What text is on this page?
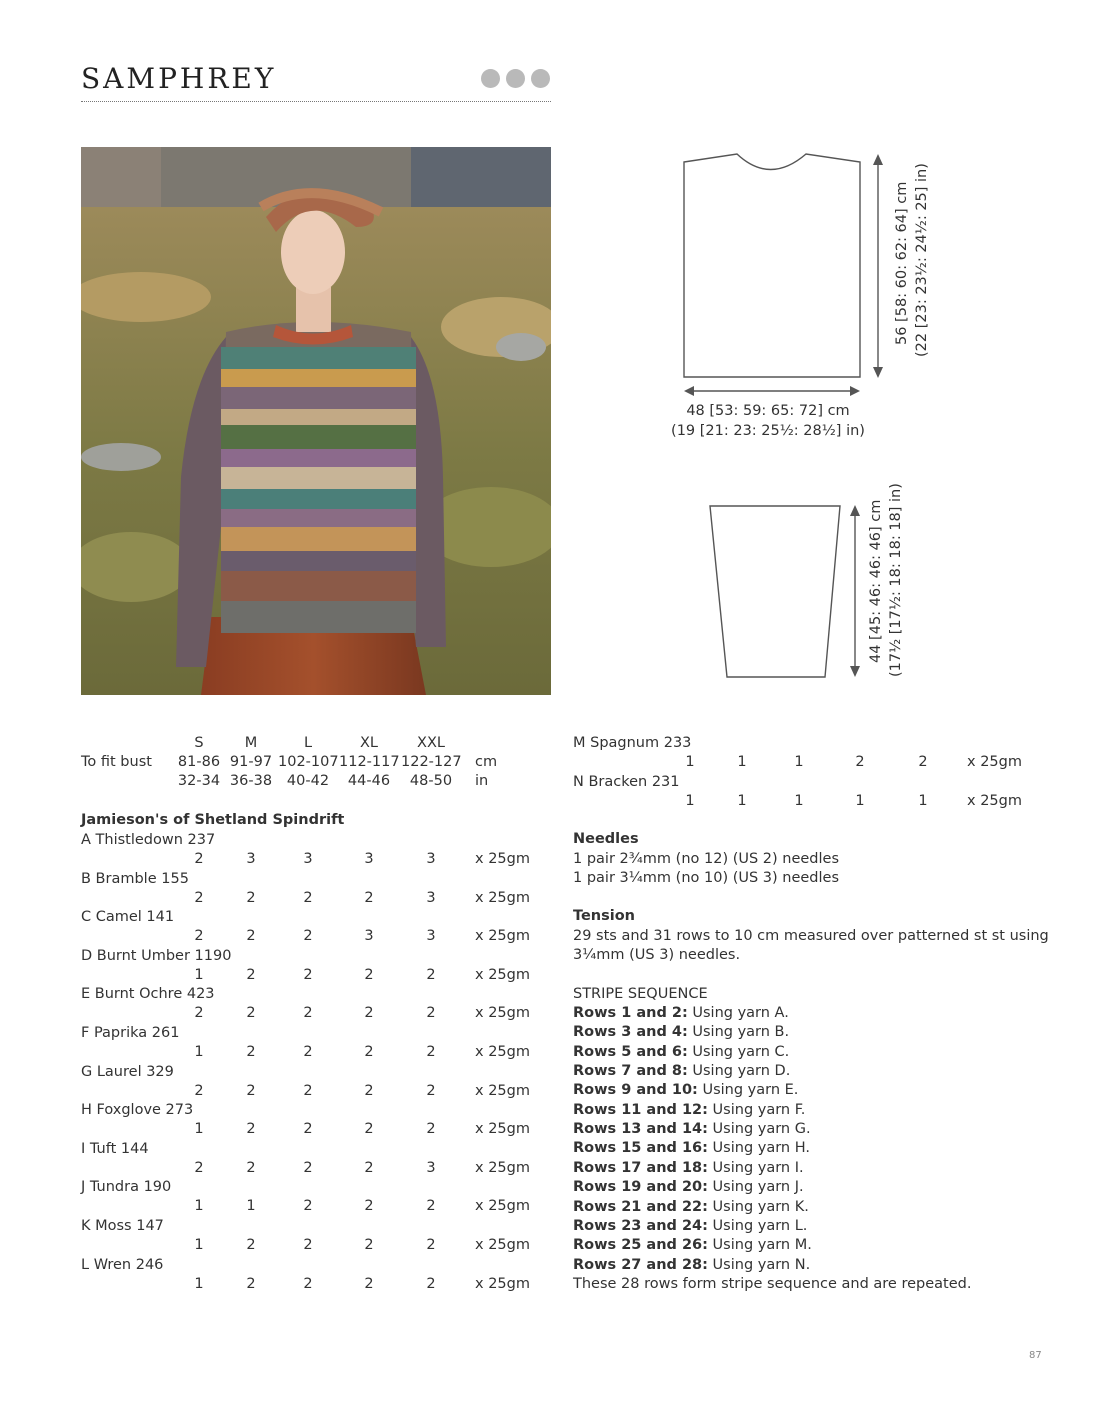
SAMPHREY
48 [53: 59: 65: 72] cm
(19 [21: 23: 25½: 28½] in)
56 [58: 60: 62: 64] cm (22 [23: 23½: 24½: 25] in)
44 [45: 46: 46: 46] cm (17½ [17½: 18: 18: 18] in)
S	M	L	XL	XXL
To fit bust	81-86 91-97 102-107 112-117 122-127 cm
32-34 36-38	40-42	44-46	48-50	in
Jamieson's of Shetland Spindrift
A Thistledown 237
2	3	3	3	3	x 25gm
B Bramble 155
2	2	2	2	3	x 25gm
C Camel 141
2	2	2	3	3	x 25gm
D Burnt Umber 1190
1	2	2	2	2	x 25gm
E Burnt Ochre 423
2	2	2	2	2	x 25gm
F Paprika 261
1	2	2	2	2	x 25gm
G Laurel 329
2	2	2	2	2	x 25gm
H Foxglove 273
1	2	2	2	2	x 25gm
I Tuft 144
2	2	2	2	3	x 25gm
J Tundra 190
1	1	2	2	2	x 25gm
K Moss 147
1	2	2	2	2	x 25gm
L Wren 246
1	2	2	2	2	x 25gm
M Spagnum 233
1	1	1	2	2	x 25gm
N Bracken 231
1	1	1	1	1	x 25gm
Needles
1 pair 2¾mm (no 12) (US 2) needles
1 pair 3¼mm (no 10) (US 3) needles
Tension
29 sts and 31 rows to 10 cm measured over patterned st st using
3¼mm (US 3) needles.
STRIPE SEQUENCE
Rows 1 and 2: Using yarn A.
Rows 3 and 4: Using yarn B.
Rows 5 and 6: Using yarn C.
Rows 7 and 8: Using yarn D.
Rows 9 and 10: Using yarn E.
Rows 11 and 12: Using yarn F.
Rows 13 and 14: Using yarn G.
Rows 15 and 16: Using yarn H.
Rows 17 and 18: Using yarn I.
Rows 19 and 20: Using yarn J.
Rows 21 and 22: Using yarn K.
Rows 23 and 24: Using yarn L.
Rows 25 and 26: Using yarn M.
Rows 27 and 28: Using yarn N.
These 28 rows form stripe sequence and are repeated.
87
